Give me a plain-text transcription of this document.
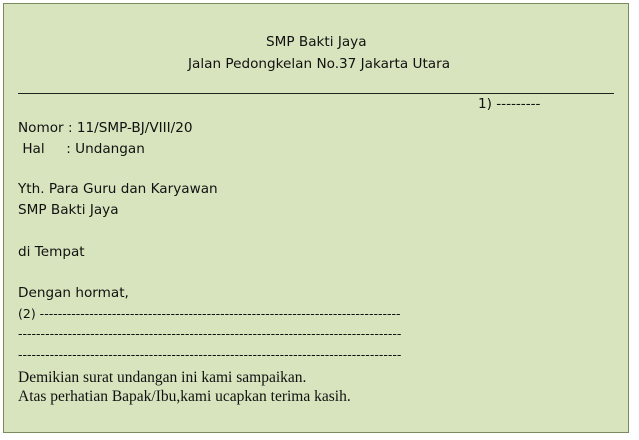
SMP Bakti Jaya
Jalan Pedongkelan No.37 Jakarta Utara
1) ---------
Nomor : 11/SMP-BJ/VIII/20
Hal     : Undangan
Yth. Para Guru dan Karyawan
SMP Bakti Jaya
di Tempat
Dengan hormat,
(2) --------------------------------------------------------------------------------
-------------------------------------------------------------------------------------
-------------------------------------------------------------------------------------
Demikian surat undangan ini kami sampaikan.
Atas perhatian Bapak/Ibu,kami ucapkan terima kasih.
